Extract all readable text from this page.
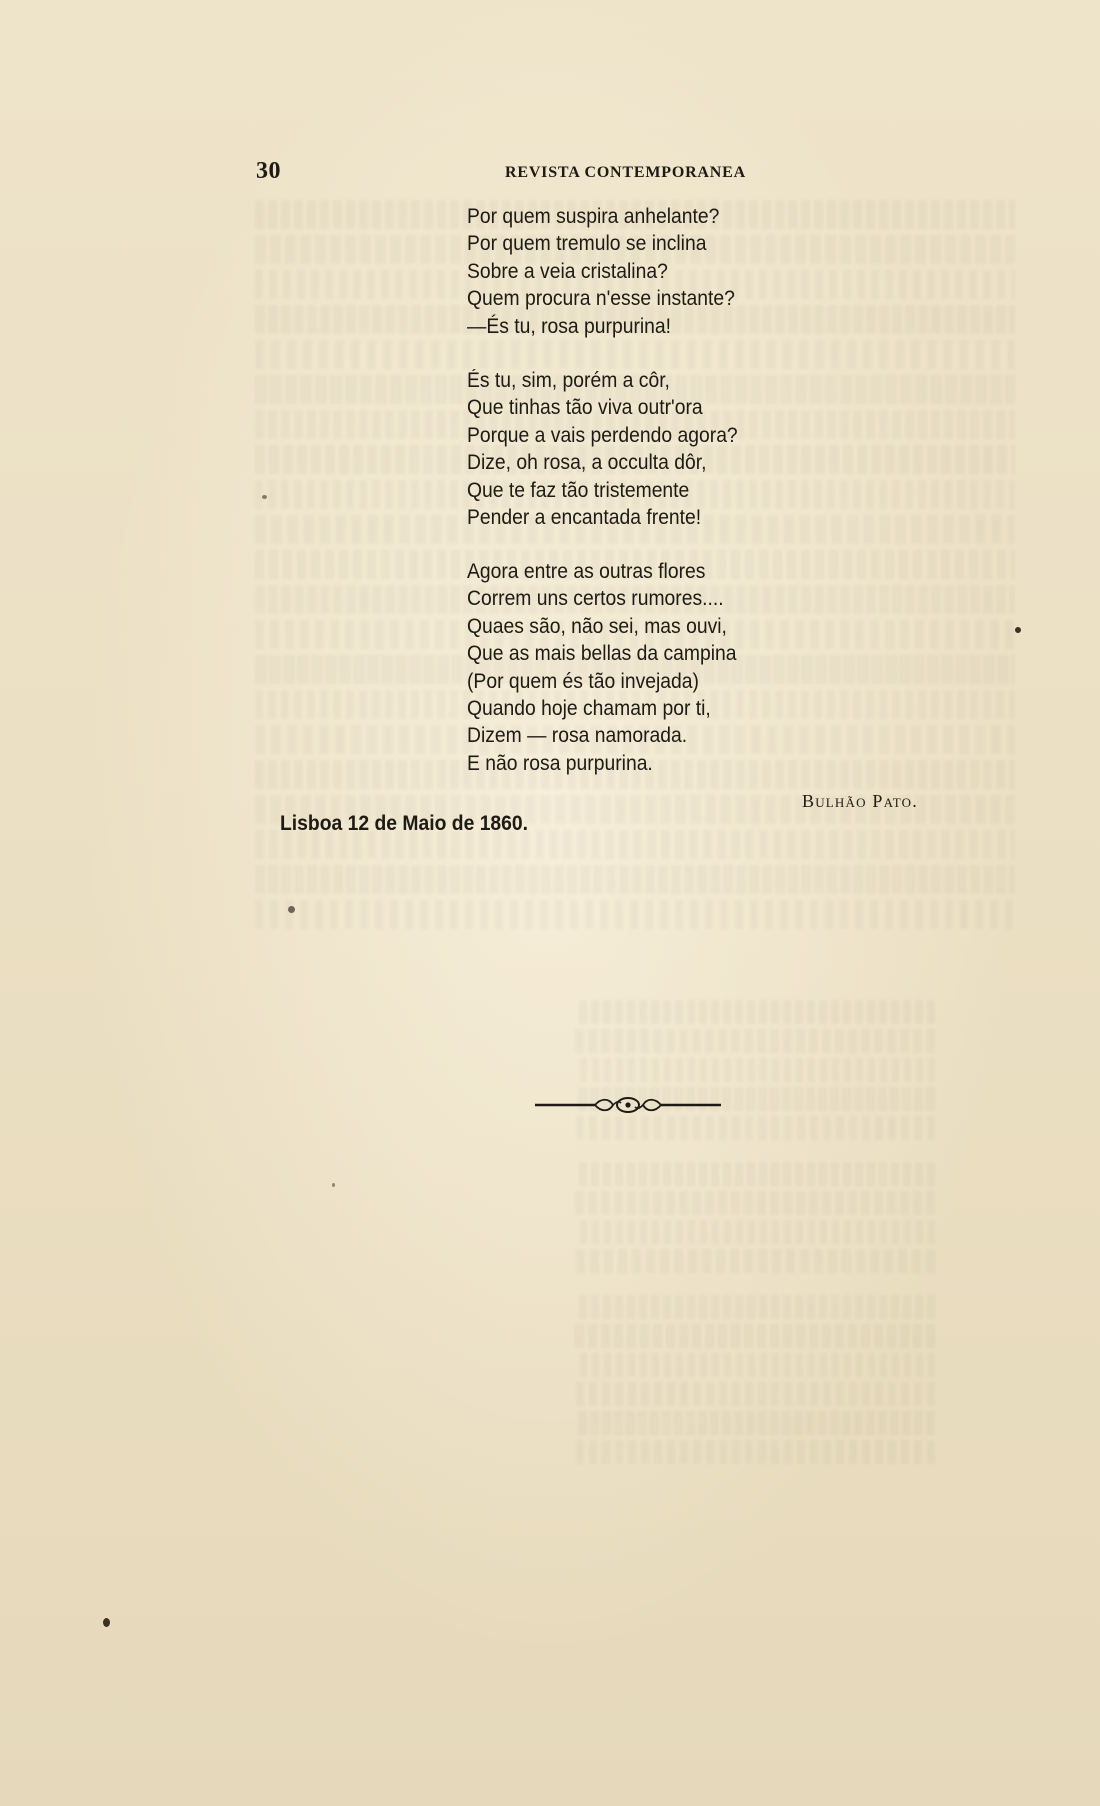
30	REVISTA CONTEMPORANEA
Por quem suspira anhelante?
Por quem tremulo se inclina
Sobre a veia cristalina?
Quem procura n'esse instante?
—És tu, rosa purpurina!
És tu, sim, porém a côr,
Que tinhas tão viva outr'ora
Porque a vais perdendo agora?
Dize, oh rosa, a occulta dôr,
Que te faz tão tristemente
Pender a encantada frente!
Agora entre as outras flores
Correm uns certos rumores....
Quaes são, não sei, mas ouvi,
Que as mais bellas da campina
(Por quem és tão invejada)
Quando hoje chamam por ti,
Dizem — rosa namorada.
E não rosa purpurina.
Bulhão Pato.
Lisboa 12 de Maio de 1860.
